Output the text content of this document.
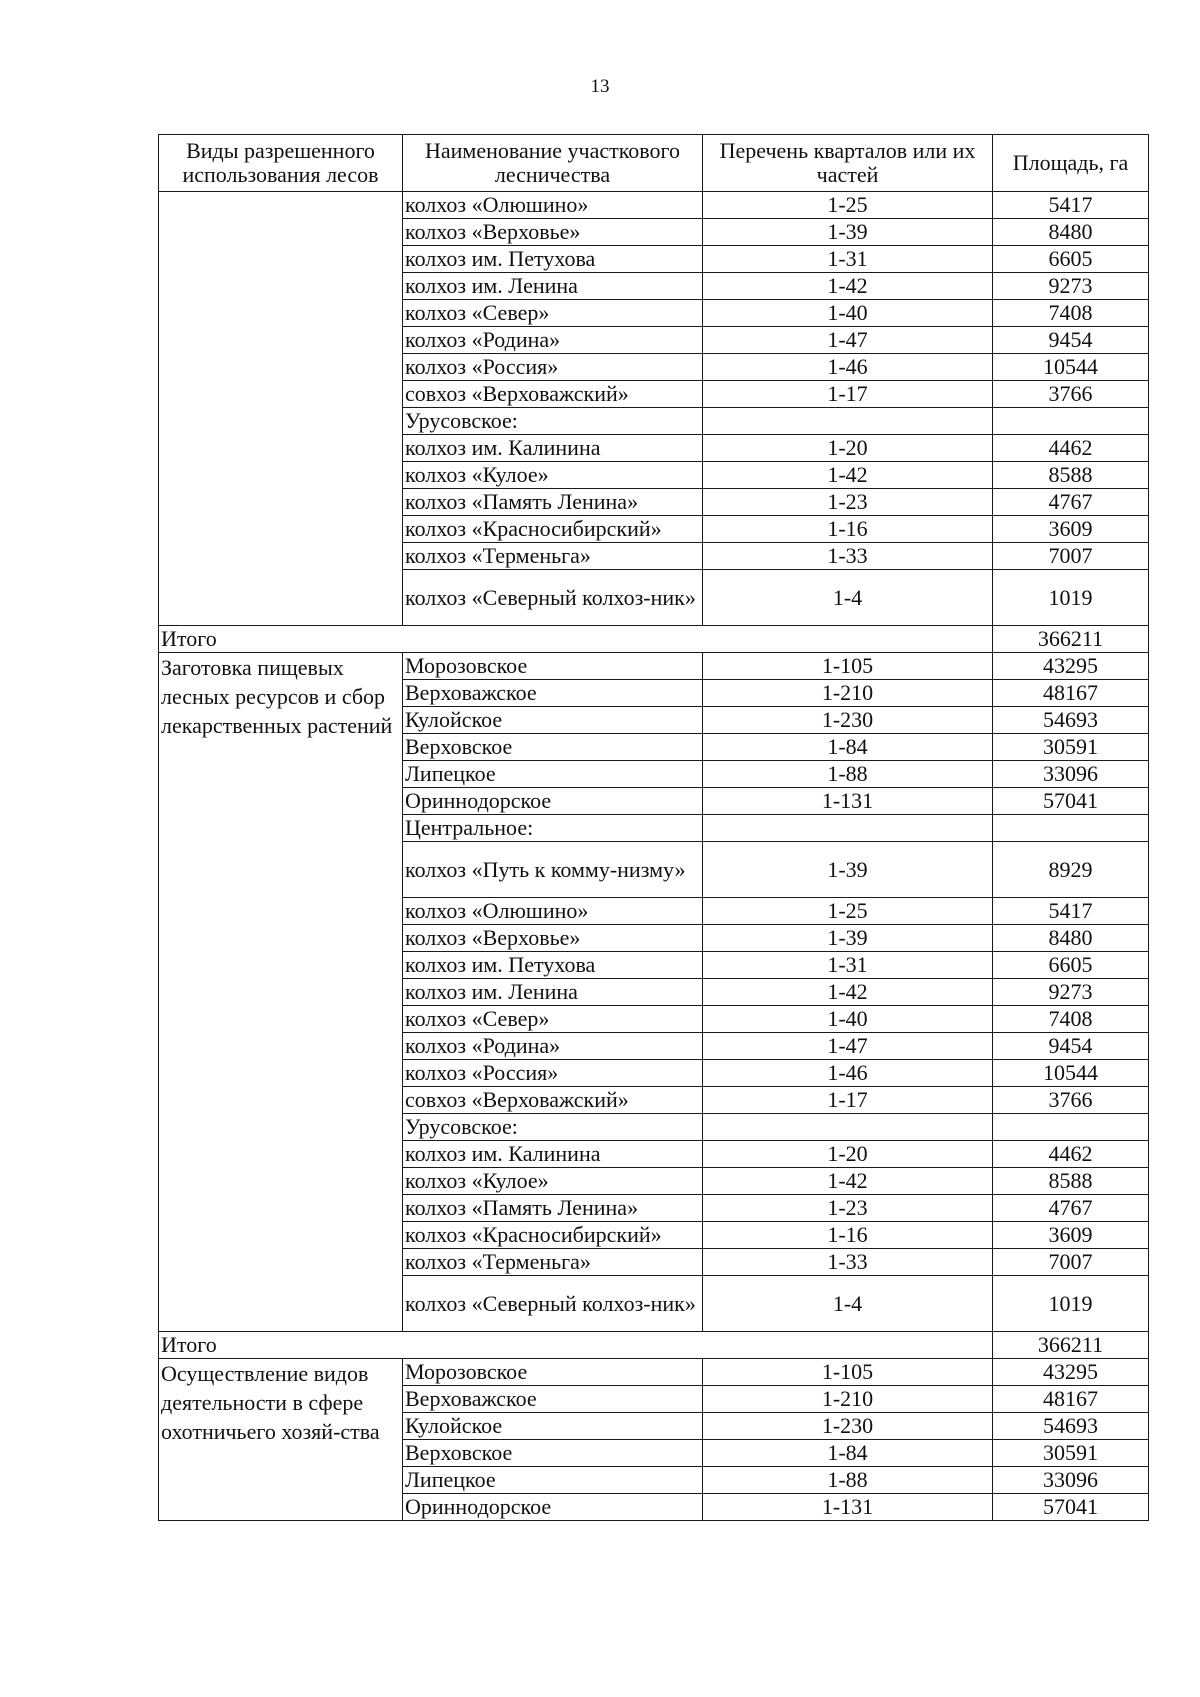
13
Виды разрешенного использования лесов	Наименование участкового лесничества	Перечень кварталов или их частей	Площадь, га
	колхоз «Олюшино»	1-25	5417
	колхоз «Верховье»	1-39	8480
	колхоз им. Петухова	1-31	6605
	колхоз им. Ленина	1-42	9273
	колхоз «Север»	1-40	7408
	колхоз «Родина»	1-47	9454
	колхоз «Россия»	1-46	10544
	совхоз «Верховажский»	1-17	3766
	Урусовское:		
	колхоз им. Калинина	1-20	4462
	колхоз «Кулое»	1-42	8588
	колхоз «Память Ленина»	1-23	4767
	колхоз «Красносибирский»	1-16	3609
	колхоз «Терменьга»	1-33	7007
	колхоз «Северный колхоз-ник»	1-4	1019
Итого			366211
Заготовка пищевых лесных ресурсов и сбор лекарственных растений	Морозовское	1-105	43295
	Верховажское	1-210	48167
	Кулойское	1-230	54693
	Верховское	1-84	30591
	Липецкое	1-88	33096
	Ориннодорское	1-131	57041
	Центральное:		
	колхоз «Путь к комму-низму»	1-39	8929
	колхоз «Олюшино»	1-25	5417
	колхоз «Верховье»	1-39	8480
	колхоз им. Петухова	1-31	6605
	колхоз им. Ленина	1-42	9273
	колхоз «Север»	1-40	7408
	колхоз «Родина»	1-47	9454
	колхоз «Россия»	1-46	10544
	совхоз «Верховажский»	1-17	3766
	Урусовское:		
	колхоз им. Калинина	1-20	4462
	колхоз «Кулое»	1-42	8588
	колхоз «Память Ленина»	1-23	4767
	колхоз «Красносибирский»	1-16	3609
	колхоз «Терменьга»	1-33	7007
	колхоз «Северный колхоз-ник»	1-4	1019
Итого			366211
Осуществление видов деятельности в сфере охотничьего хозяй-ства	Морозовское	1-105	43295
	Верховажское	1-210	48167
	Кулойское	1-230	54693
	Верховское	1-84	30591
	Липецкое	1-88	33096
	Ориннодорское	1-131	57041
